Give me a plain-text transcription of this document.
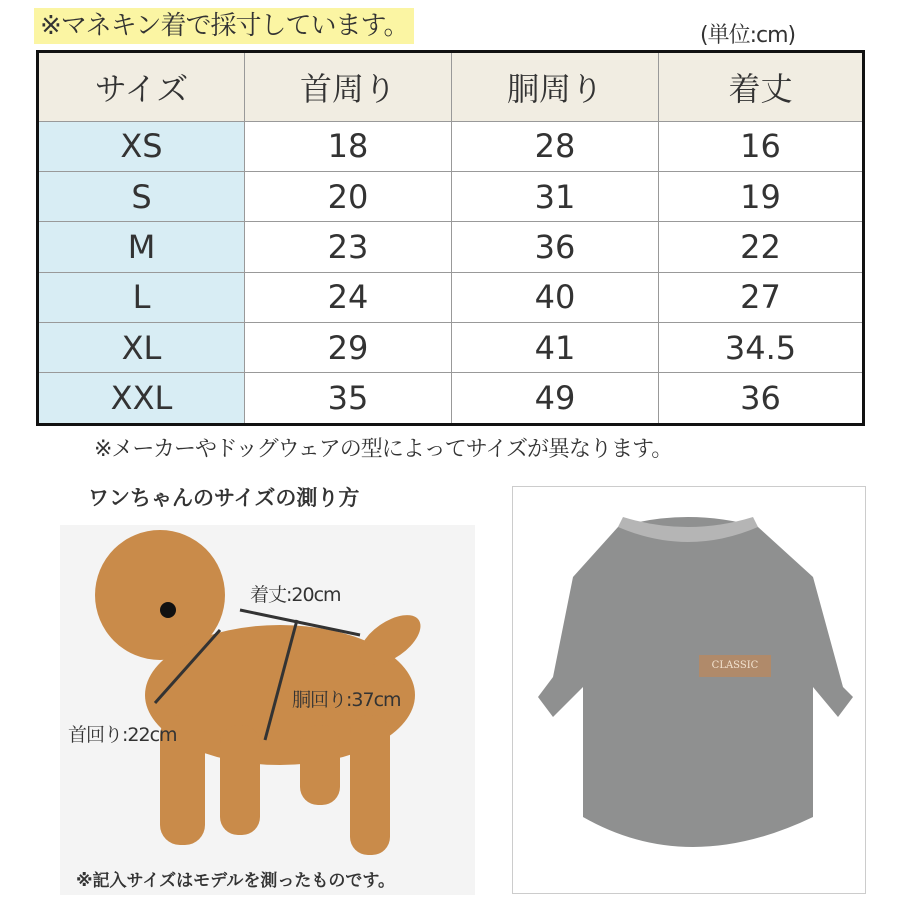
※マネキン着で採寸しています。	(単位:cm)
サイズ	首周り	胴周り	着丈
XS	18	28	16
S	20	31	19
M	23	36	22
L	24	40	27
XL	29	41	34.5
XXL	35	49	36
※メーカーやドッグウェアの型によってサイズが異なります。
ワンちゃんのサイズの測り方
着丈:20cm
胴回り:37cm
首回り:22cm
※記入サイズはモデルを測ったものです。
CLASSIC
